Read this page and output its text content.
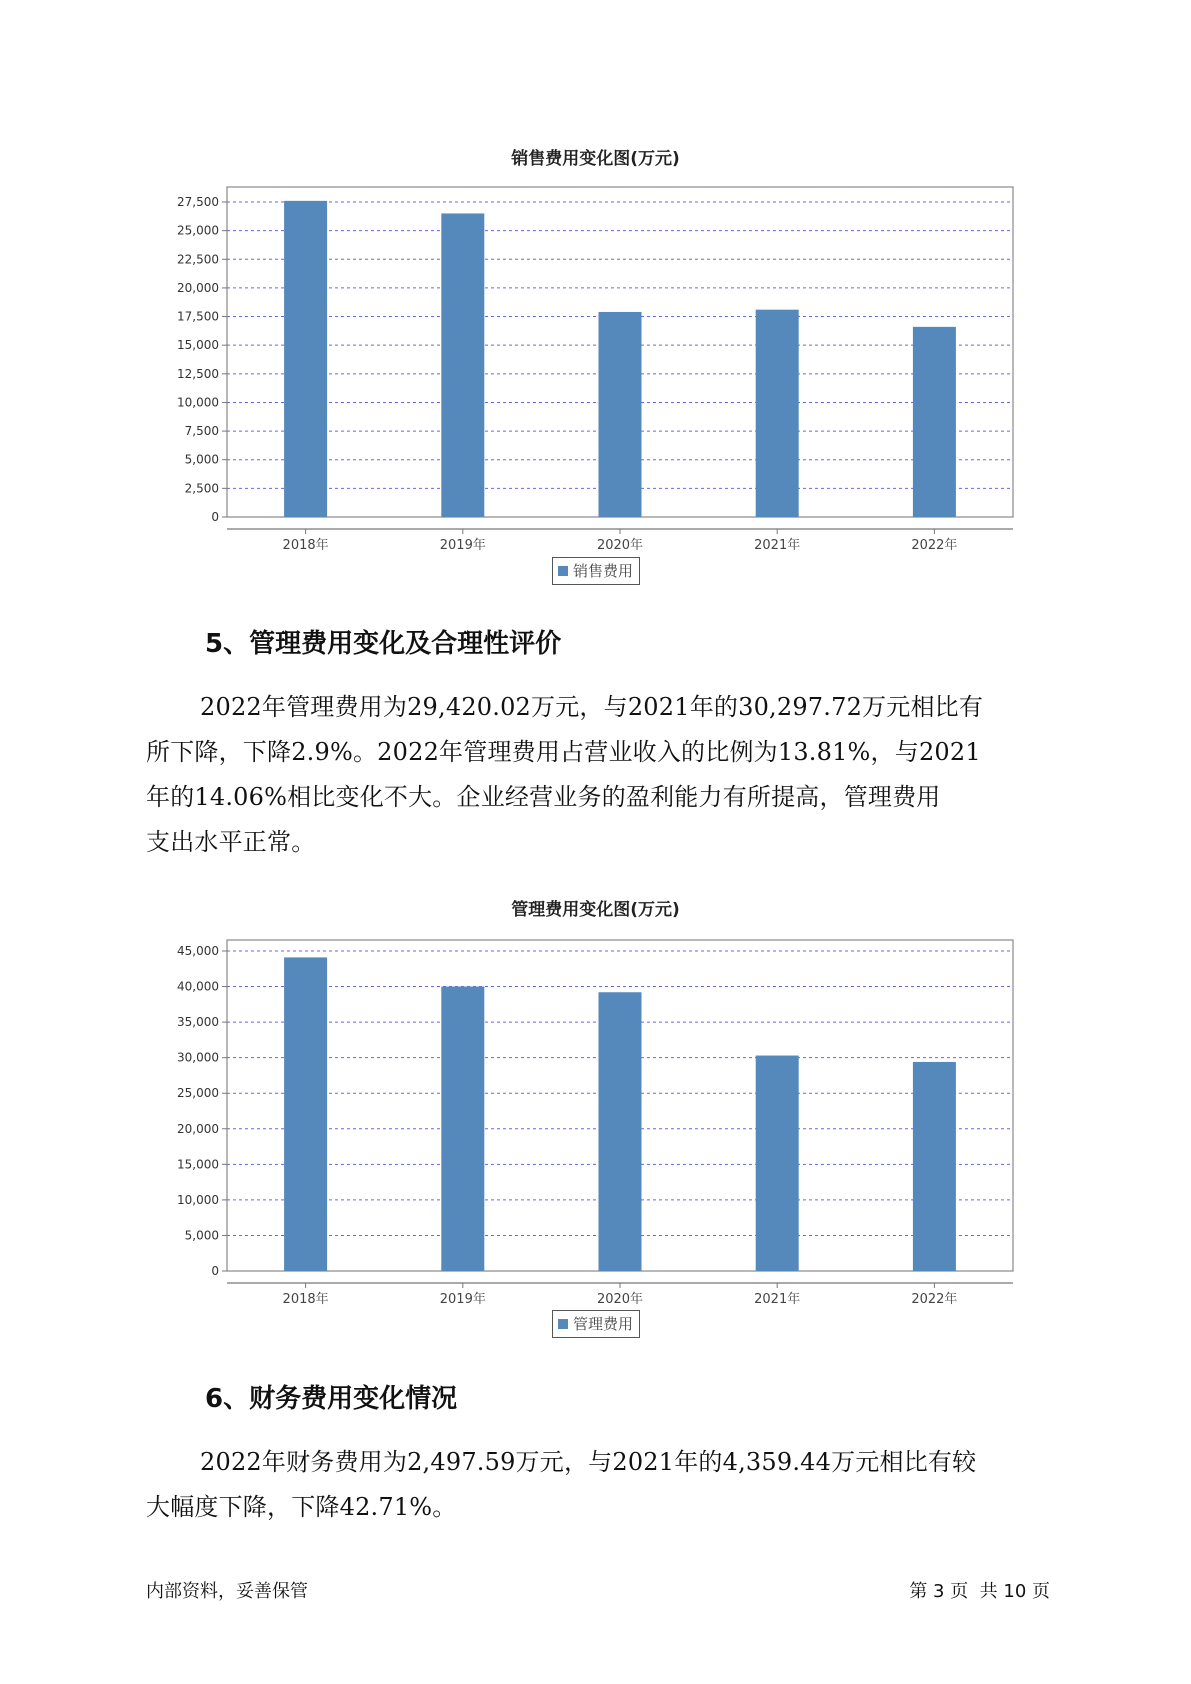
销售费用变化图(万元)
0
2,500
5,000
7,500
10,000
12,500
15,000
17,500
20,000
22,500
25,000
27,500
2018年	2019年	2020年	2021年	2022年
销售费用
5、管理费用变化及合理性评价
2022年管理费用为29,420.02万元，与2021年的30,297.72万元相比有
所下降，下降2.9%。2022年管理费用占营业收入的比例为13.81%，与2021
年的14.06%相比变化不大。企业经营业务的盈利能力有所提高，管理费用
支出水平正常。
管理费用变化图(万元)
0
5,000
10,000
15,000
20,000
25,000
30,000
35,000
40,000
45,000
2018年	2019年	2020年	2021年	2022年
管理费用
6、财务费用变化情况
2022年财务费用为2,497.59万元，与2021年的4,359.44万元相比有较
大幅度下降，下降42.71%。
内部资料，妥善保管	第 3 页  共 10 页
